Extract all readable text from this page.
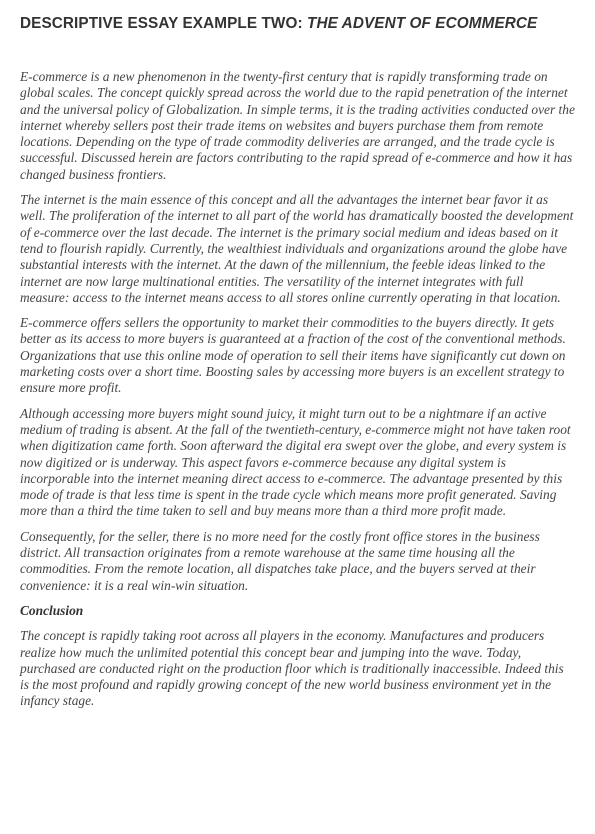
DESCRIPTIVE ESSAY EXAMPLE TWO: THE ADVENT OF ECOMMERCE

E-commerce is a new phenomenon in the twenty-first century that is rapidly transforming trade on global scales. The concept quickly spread across the world due to the rapid penetration of the internet and the universal policy of Globalization. In simple terms, it is the trading activities conducted over the internet whereby sellers post their trade items on websites and buyers purchase them from remote locations. Depending on the type of trade commodity deliveries are arranged, and the trade cycle is successful. Discussed herein are factors contributing to the rapid spread of e-commerce and how it has changed business frontiers.

The internet is the main essence of this concept and all the advantages the internet bear favor it as well. The proliferation of the internet to all part of the world has dramatically boosted the development of e-commerce over the last decade. The internet is the primary social medium and ideas based on it tend to flourish rapidly. Currently, the wealthiest individuals and organizations around the globe have substantial interests with the internet. At the dawn of the millennium, the feeble ideas linked to the internet are now large multinational entities. The versatility of the internet integrates with full measure: access to the internet means access to all stores online currently operating in that location.

E-commerce offers sellers the opportunity to market their commodities to the buyers directly. It gets better as its access to more buyers is guaranteed at a fraction of the cost of the conventional methods. Organizations that use this online mode of operation to sell their items have significantly cut down on marketing costs over a short time. Boosting sales by accessing more buyers is an excellent strategy to ensure more profit.

Although accessing more buyers might sound juicy, it might turn out to be a nightmare if an active medium of trading is absent. At the fall of the twentieth-century, e-commerce might not have taken root when digitization came forth. Soon afterward the digital era swept over the globe, and every system is now digitized or is underway. This aspect favors e-commerce because any digital system is incorporable into the internet meaning direct access to e-commerce. The advantage presented by this mode of trade is that less time is spent in the trade cycle which means more profit generated. Saving more than a third the time taken to sell and buy means more than a third more profit made.

Consequently, for the seller, there is no more need for the costly front office stores in the business district. All transaction originates from a remote warehouse at the same time housing all the commodities. From the remote location, all dispatches take place, and the buyers served at their convenience: it is a real win-win situation.

Conclusion

The concept is rapidly taking root across all players in the economy. Manufactures and producers realize how much the unlimited potential this concept bear and jumping into the wave. Today, purchased are conducted right on the production floor which is traditionally inaccessible. Indeed this is the most profound and rapidly growing concept of the new world business environment yet in the infancy stage.
